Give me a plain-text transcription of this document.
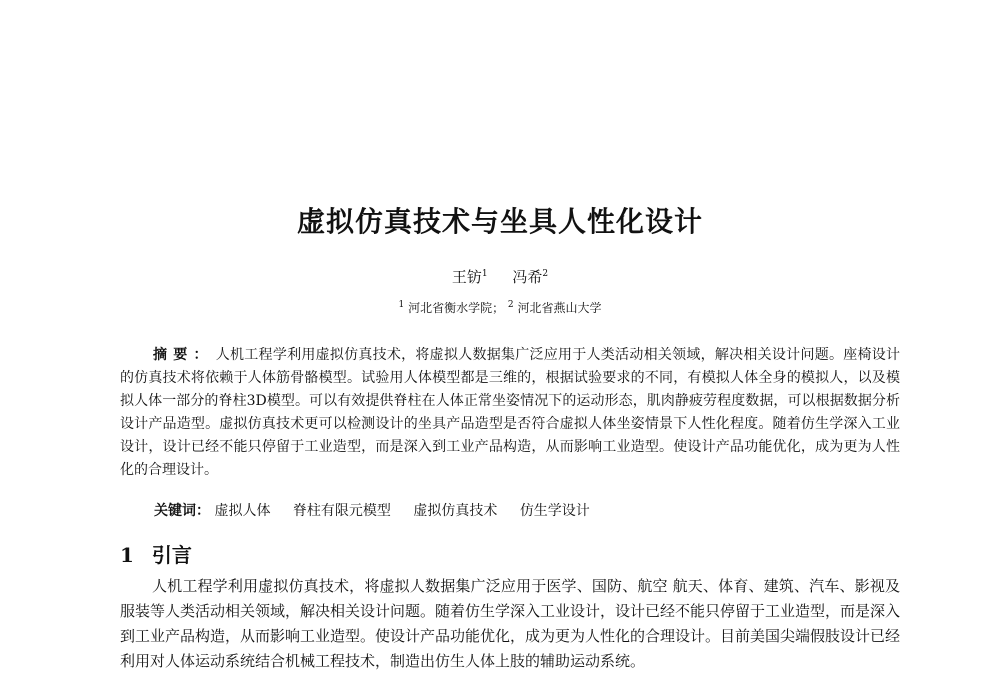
虚拟仿真技术与坐具人性化设计
王钫$^1$ 冯希$^2$
$^1$ 河北省衡水学院； $^2$ 河北省燕山大学
摘要： 人机工程学利用虚拟仿真技术，将虚拟人数据集广泛应用于人类活动相关领域，解决相关设计问题。座椅设计的仿真技术将依赖于人体筋骨骼模型。试验用人体模型都是三维的，根据试验要求的不同，有模拟人体全身的模拟人，以及模拟人体一部分的脊柱3D模型。可以有效提供脊柱在人体正常坐姿情况下的运动形态，肌肉静疲劳程度数据，可以根据数据分析设计产品造型。虚拟仿真技术更可以检测设计的坐具产品造型是否符合虚拟人体坐姿情景下人性化程度。随着仿生学深入工业设计，设计已经不能只停留于工业造型，而是深入到工业产品构造，从而影响工业造型。使设计产品功能优化，成为更为人性化的合理设计。
关键词： 虚拟人体 脊柱有限元模型 虚拟仿真技术 仿生学设计
1 引言
人机工程学利用虚拟仿真技术，将虚拟人数据集广泛应用于医学、国防、航空 航天、体育、建筑、汽车、影视及服装等人类活动相关领域，解决相关设计问题。随着仿生学深入工业设计，设计已经不能只停留于工业造型，而是深入到工业产品构造，从而影响工业造型。使设计产品功能优化，成为更为人性化的合理设计。目前美国尖端假肢设计已经利用对人体运动系统结合机械工程技术，制造出仿生人体上肢的辅助运动系统。
